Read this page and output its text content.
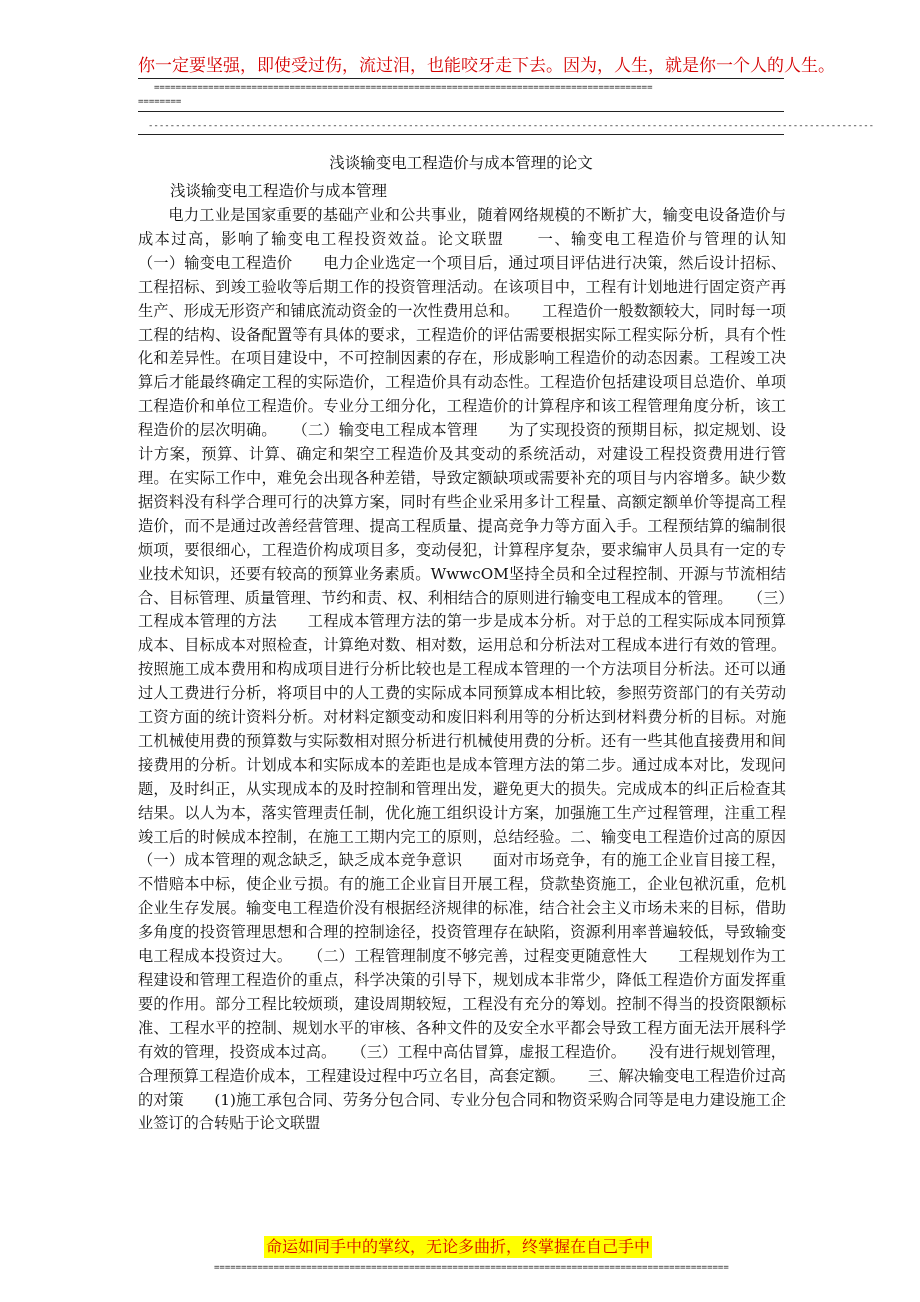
你一定要坚强，即使受过伤，流过泪，也能咬牙走下去。因为，人生，就是你一个人的人生。
============================================================================================
========
--------------------------------------------------------------------------------------------------------------------------------------
浅谈输变电工程造价与成本管理的论文
浅谈输变电工程造价与成本管理
电力工业是国家重要的基础产业和公共事业，随着网络规模的不断扩大，输变电设备造价与成本过高，影响了输变电工程投资效益。论文联盟　　一、输变电工程造价与管理的认知　　（一）输变电工程造价　　电力企业选定一个项目后，通过项目评估进行决策，然后设计招标、工程招标、到竣工验收等后期工作的投资管理活动。在该项目中，工程有计划地进行固定资产再生产、形成无形资产和铺底流动资金的一次性费用总和。　　工程造价一般数额较大，同时每一项工程的结构、设备配置等有具体的要求，工程造价的评估需要根据实际工程实际分析，具有个性化和差异性。在项目建设中，不可控制因素的存在，形成影响工程造价的动态因素。工程竣工决算后才能最终确定工程的实际造价，工程造价具有动态性。工程造价包括建设项目总造价、单项工程造价和单位工程造价。专业分工细分化，工程造价的计算程序和该工程管理角度分析，该工程造价的层次明确。　　（二）输变电工程成本管理　　为了实现投资的预期目标，拟定规划、设计方案，预算、计算、确定和架空工程造价及其变动的系统活动，对建设工程投资费用进行管理。在实际工作中，难免会出现各种差错，导致定额缺项或需要补充的项目与内容增多。缺少数据资料没有科学合理可行的决算方案，同时有些企业采用多计工程量、高额定额单价等提高工程造价，而不是通过改善经营管理、提高工程质量、提高竞争力等方面入手。工程预结算的编制很烦项，要很细心，工程造价构成项目多，变动侵犯，计算程序复杂，要求编审人员具有一定的专业技术知识，还要有较高的预算业务素质。WwwcOM坚持全员和全过程控制、开源与节流相结合、目标管理、质量管理、节约和责、权、利相结合的原则进行输变电工程成本的管理。　　（三）工程成本管理的方法　　工程成本管理方法的第一步是成本分析。对于总的工程实际成本同预算成本、目标成本对照检查，计算绝对数、相对数，运用总和分析法对工程成本进行有效的管理。按照施工成本费用和构成项目进行分析比较也是工程成本管理的一个方法项目分析法。还可以通过人工费进行分析，将项目中的人工费的实际成本同预算成本相比较，参照劳资部门的有关劳动工资方面的统计资料分析。对材料定额变动和废旧料利用等的分析达到材料费分析的目标。对施工机械使用费的预算数与实际数相对照分析进行机械使用费的分析。还有一些其他直接费用和间接费用的分析。计划成本和实际成本的差距也是成本管理方法的第二步。通过成本对比，发现问题，及时纠正，从实现成本的及时控制和管理出发，避免更大的损失。完成成本的纠正后检查其结果。以人为本，落实管理责任制，优化施工组织设计方案，加强施工生产过程管理，注重工程竣工后的时候成本控制，在施工工期内完工的原则，总结经验。二、输变电工程造价过高的原因　　（一）成本管理的观念缺乏，缺乏成本竞争意识　　面对市场竞争，有的施工企业盲目接工程，不惜赔本中标，使企业亏损。有的施工企业盲目开展工程，贷款垫资施工，企业包袱沉重，危机企业生存发展。输变电工程造价没有根据经济规律的标准，结合社会主义市场未来的目标，借助多角度的投资管理思想和合理的控制途径，投资管理存在缺陷，资源利用率普遍较低，导致输变电工程成本投资过大。　　（二）工程管理制度不够完善，过程变更随意性大　　工程规划作为工程建设和管理工程造价的重点，科学决策的引导下，规划成本非常少，降低工程造价方面发挥重要的作用。部分工程比较烦琐，建设周期较短，工程没有充分的筹划。控制不得当的投资限额标准、工程水平的控制、规划水平的审核、各种文件的及安全水平都会导致工程方面无法开展科学有效的管理，投资成本过高。　　（三）工程中高估冒算，虚报工程造价。　　没有进行规划管理，合理预算工程造价成本，工程建设过程中巧立名目，高套定额。　　三、解决输变电工程造价过高的对策　　(1)施工承包合同、劳务分包合同、专业分包合同和物资采购合同等是电力建设施工企业签订的合转贴于论文联盟
命运如同手中的掌纹，无论多曲折，终掌握在自己手中
===============================================================================================
